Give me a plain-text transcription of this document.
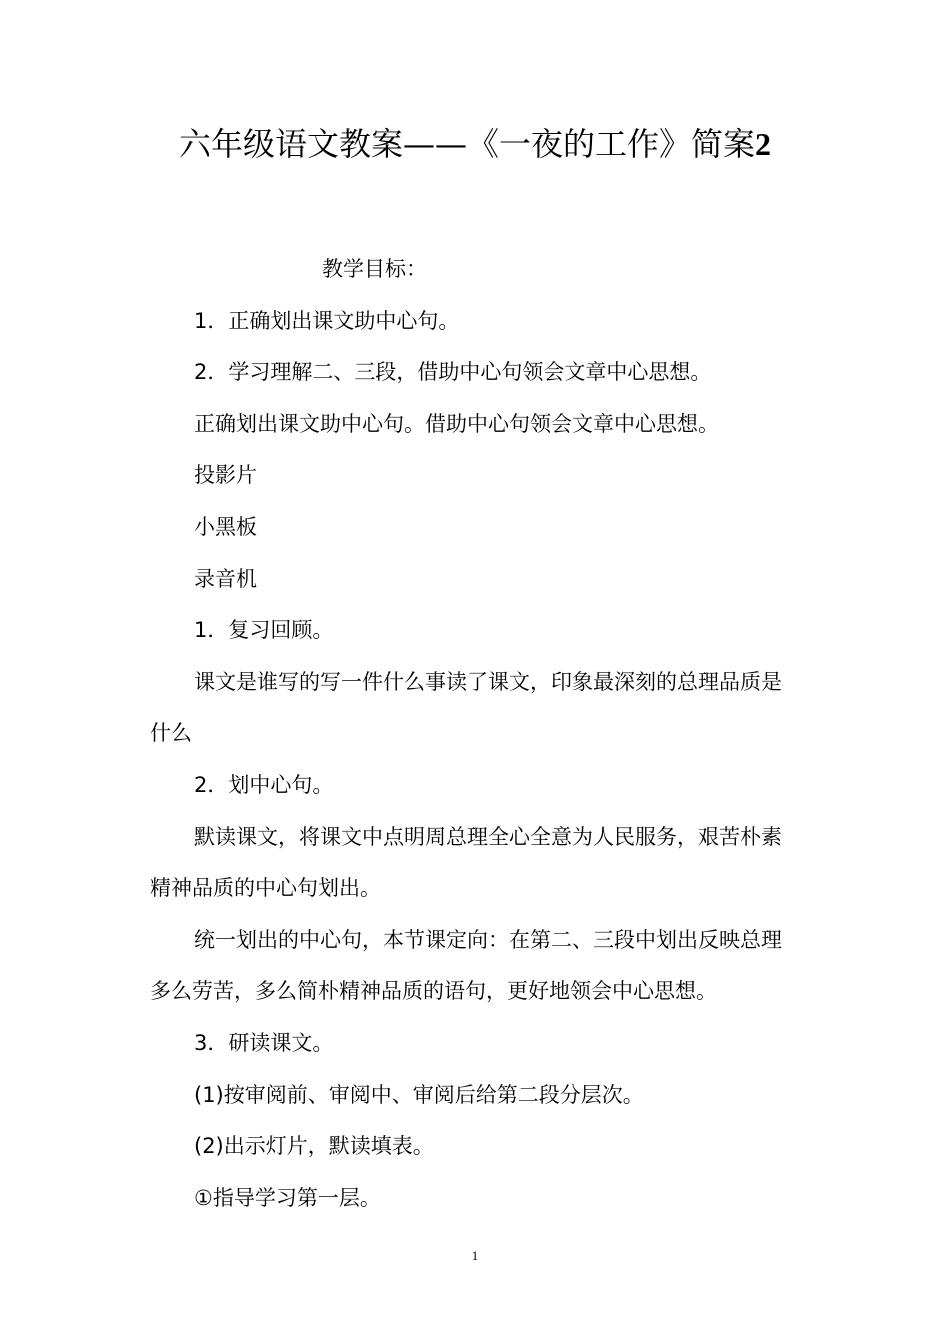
六年级语文教案——《一夜的工作》简案2

教学目标：

1．正确划出课文助中心句。

2．学习理解二、三段，借助中心句领会文章中心思想。

正确划出课文助中心句。借助中心句领会文章中心思想。

投影片

小黑板

录音机

1．复习回顾。

课文是谁写的写一件什么事读了课文，印象最深刻的总理品质是什么

2．划中心句。

默读课文，将课文中点明周总理全心全意为人民服务，艰苦朴素精神品质的中心句划出。

统一划出的中心句，本节课定向：在第二、三段中划出反映总理多么劳苦，多么简朴精神品质的语句，更好地领会中心思想。

3．研读课文。

(1)按审阅前、审阅中、审阅后给第二段分层次。

(2)出示灯片，默读填表。

①指导学习第一层。

1
